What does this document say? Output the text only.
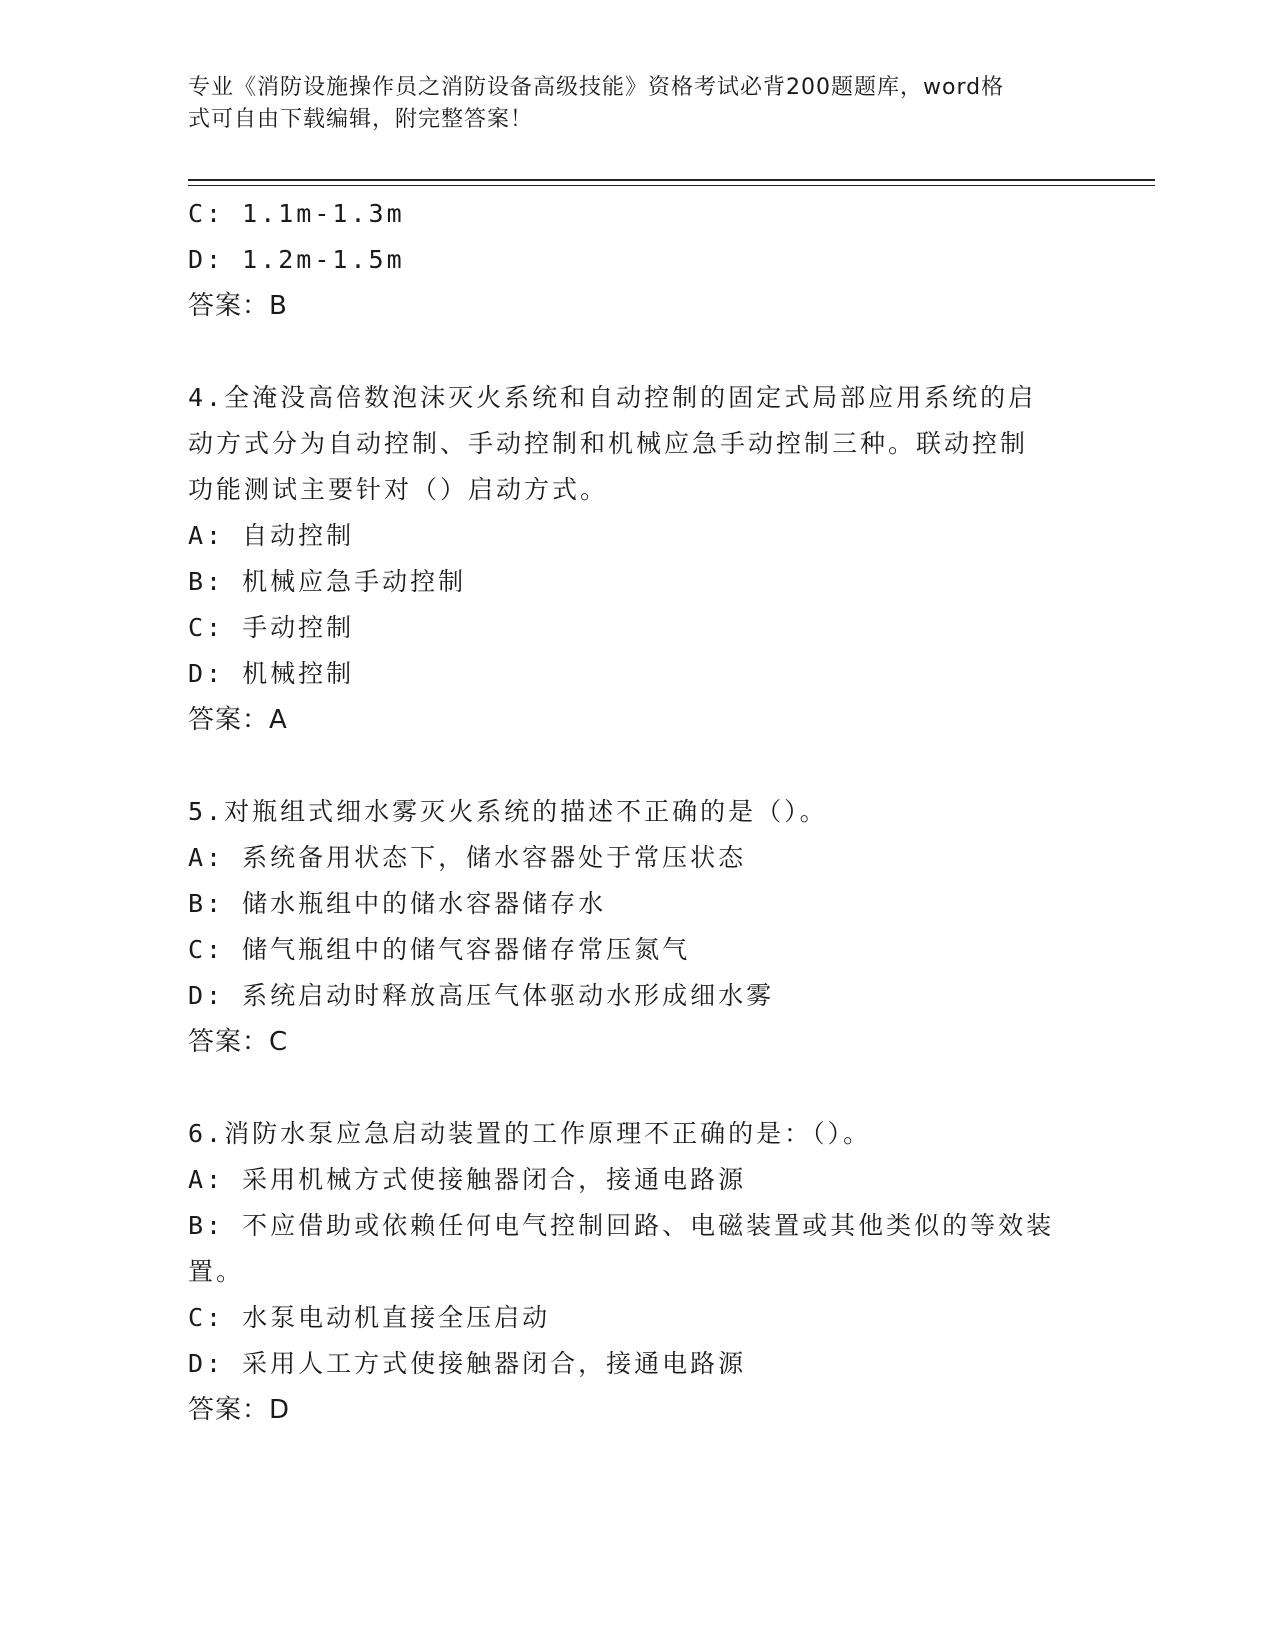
专业《消防设施操作员之消防设备高级技能》资格考试必背200题题库，word格
式可自由下载编辑，附完整答案！
C: 1.1m-1.3m
D: 1.2m-1.5m
答案：B
4.全淹没高倍数泡沫灭火系统和自动控制的固定式局部应用系统的启
动方式分为自动控制、手动控制和机械应急手动控制三种。联动控制
功能测试主要针对（）启动方式。
A: 自动控制
B: 机械应急手动控制
C: 手动控制
D: 机械控制
答案：A
5.对瓶组式细水雾灭火系统的描述不正确的是（）。
A: 系统备用状态下，储水容器处于常压状态
B: 储水瓶组中的储水容器储存水
C: 储气瓶组中的储气容器储存常压氮气
D: 系统启动时释放高压气体驱动水形成细水雾
答案：C
6.消防水泵应急启动装置的工作原理不正确的是：（）。
A: 采用机械方式使接触器闭合，接通电路源
B: 不应借助或依赖任何电气控制回路、电磁装置或其他类似的等效装
置。
C: 水泵电动机直接全压启动
D: 采用人工方式使接触器闭合，接通电路源
答案：D
